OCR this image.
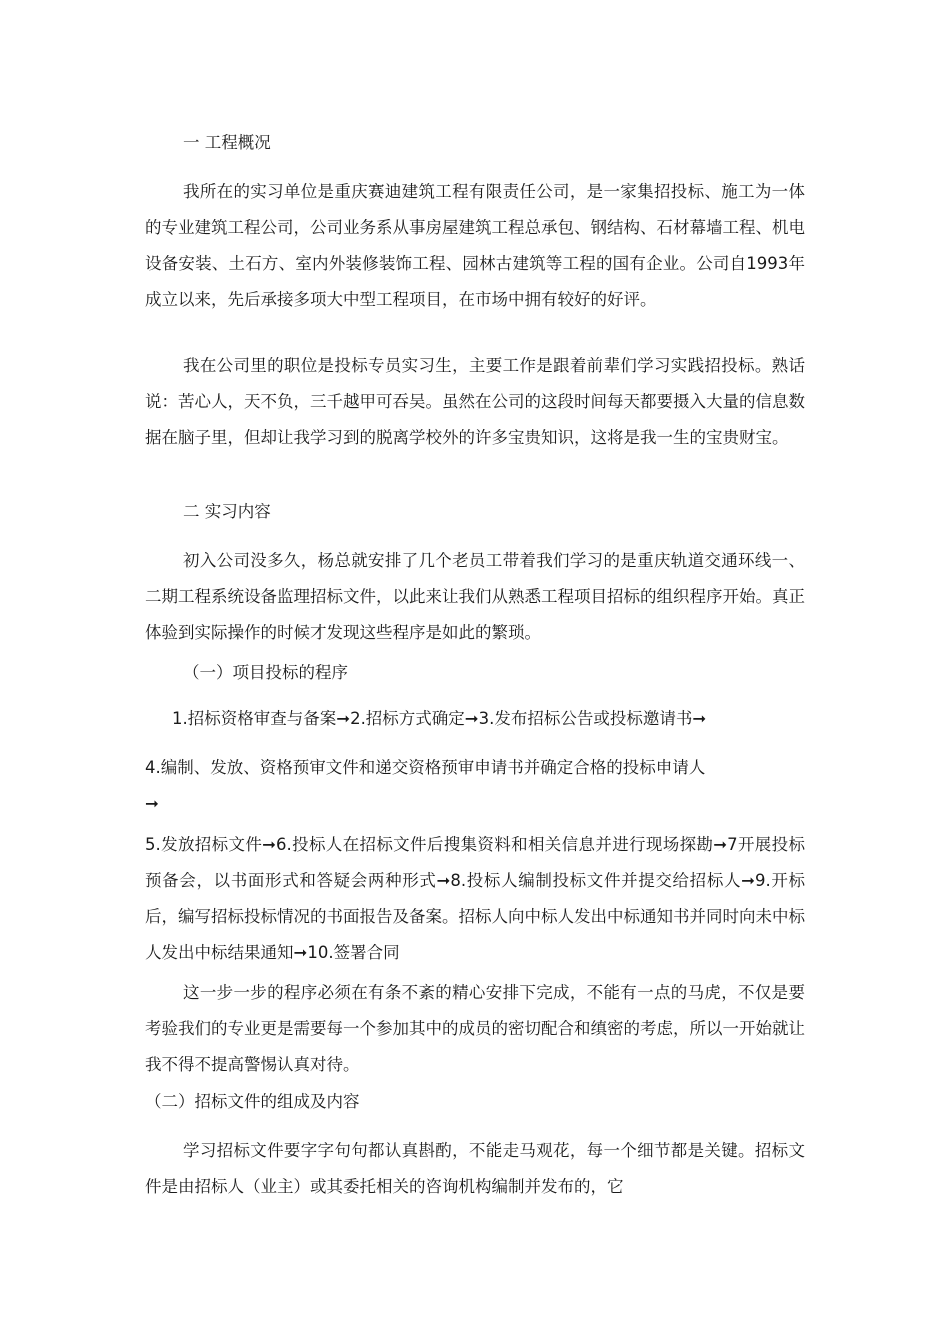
一 工程概况
我所在的实习单位是重庆赛迪建筑工程有限责任公司，是一家集招投标、施工为一体的专业建筑工程公司，公司业务系从事房屋建筑工程总承包、钢结构、石材幕墙工程、机电设备安装、土石方、室内外装修装饰工程、园林古建筑等工程的国有企业。公司自1993年成立以来，先后承接多项大中型工程项目，在市场中拥有较好的好评。
我在公司里的职位是投标专员实习生，主要工作是跟着前辈们学习实践招投标。熟话说：苦心人，天不负，三千越甲可吞吴。虽然在公司的这段时间每天都要摄入大量的信息数据在脑子里，但却让我学习到的脱离学校外的许多宝贵知识，这将是我一生的宝贵财宝。
二 实习内容
初入公司没多久，杨总就安排了几个老员工带着我们学习的是重庆轨道交通环线一、二期工程系统设备监理招标文件，以此来让我们从熟悉工程项目招标的组织程序开始。真正体验到实际操作的时候才发现这些程序是如此的繁琐。
（一）项目投标的程序
1.招标资格审查与备案➞2.招标方式确定➞3.发布招标公告或投标邀请书➞
4.编制、发放、资格预审文件和递交资格预审申请书并确定合格的投标申请人
➞
5.发放招标文件➞6.投标人在招标文件后搜集资料和相关信息并进行现场探勘➞7开展投标预备会，以书面形式和答疑会两种形式➞8.投标人编制投标文件并提交给招标人➞9.开标后，编写招标投标情况的书面报告及备案。招标人向中标人发出中标通知书并同时向未中标人发出中标结果通知➞10.签署合同
这一步一步的程序必须在有条不紊的精心安排下完成，不能有一点的马虎，不仅是要考验我们的专业更是需要每一个参加其中的成员的密切配合和缜密的考虑，所以一开始就让我不得不提高警惕认真对待。
（二）招标文件的组成及内容
学习招标文件要字字句句都认真斟酌，不能走马观花，每一个细节都是关键。招标文件是由招标人（业主）或其委托相关的咨询机构编制并发布的，它
